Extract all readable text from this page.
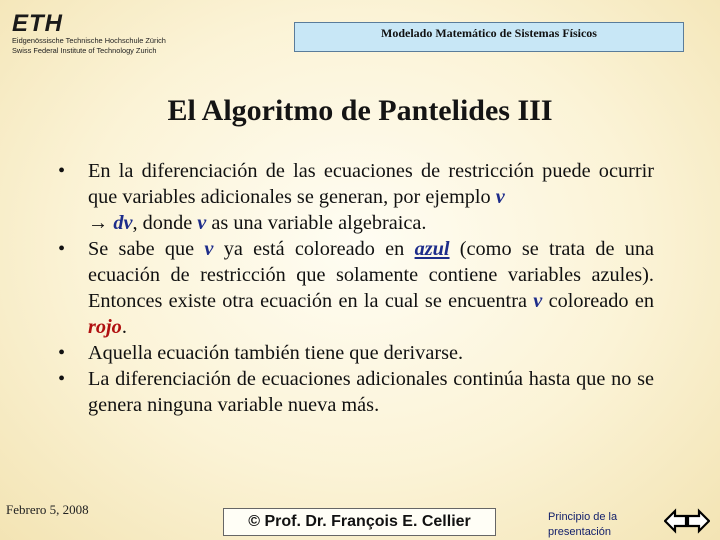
ETH
Eidgenössische Technische Hochschule Zürich
Swiss Federal Institute of Technology Zurich
Modelado Matemático de Sistemas Físicos
El Algoritmo de Pantelides III
•	En la diferenciación de las ecuaciones de restricción puede ocurrir que variables adicionales se generan, por ejemplo v
→ dv, donde v as una variable algebraica.
•	Se sabe que v ya está coloreado en azul (como se trata de una ecuación de restricción que solamente contiene variables azules). Entonces existe otra ecuación en la cual se encuentra v coloreado en rojo.
•	Aquella ecuación también tiene que derivarse.
•	La diferenciación de ecuaciones adicionales continúa hasta que no se genera ninguna variable nueva más.
Febrero 5, 2008
© Prof. Dr. François E. Cellier	Principio de la presentación
